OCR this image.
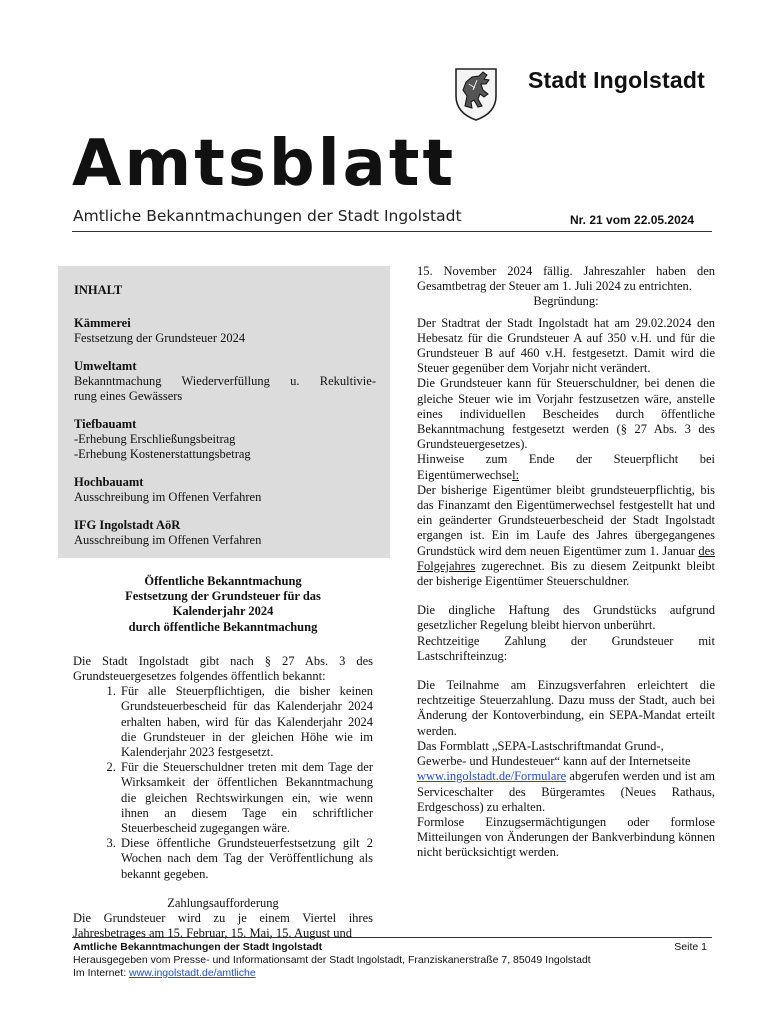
Stadt Ingolstadt
Amtsblatt
Amtliche Bekanntmachungen der Stadt Ingolstadt	Nr. 21 vom 22.05.2024
INHALT
Kämmerei
Festsetzung der Grundsteuer 2024
Umweltamt
Bekanntmachung Wiederverfüllung u. Rekultivie-
rung eines Gewässers
Tiefbauamt
-Erhebung Erschließungsbeitrag
-Erhebung Kostenerstattungsbetrag
Hochbauamt
Ausschreibung im Offenen Verfahren
IFG Ingolstadt AöR
Ausschreibung im Offenen Verfahren
Öffentliche Bekanntmachung
Festsetzung der Grundsteuer für das
Kalenderjahr 2024
durch öffentliche Bekanntmachung

Die Stadt Ingolstadt gibt nach § 27 Abs. 3 des Grundsteuergesetzes folgendes öffentlich bekannt:

1. Für alle Steuerpflichtigen, die bisher keinen Grundsteuerbescheid für das Kalenderjahr 2024 erhalten haben, wird für das Kalenderjahr 2024 die Grundsteuer in der gleichen Höhe wie im Kalenderjahr 2023 festgesetzt.
2. Für die Steuerschuldner treten mit dem Tage der Wirksamkeit der öffentlichen Bekanntmachung die gleichen Rechtswirkungen ein, wie wenn ihnen an diesem Tage ein schriftlicher Steuerbescheid zugegangen wäre.
3. Diese öffentliche Grundsteuerfestsetzung gilt 2 Wochen nach dem Tag der Veröffentlichung als bekannt gegeben.

Zahlungsaufforderung

Die Grundsteuer wird zu je einem Viertel ihres Jahresbetrages am 15. Februar, 15. Mai, 15. August und

15. November 2024 fällig. Jahreszahler haben den Gesamtbetrag der Steuer am 1. Juli 2024 zu entrichten.

Begründung:

Der Stadtrat der Stadt Ingolstadt hat am 29.02.2024 den Hebesatz für die Grundsteuer A auf 350 v.H. und für die Grundsteuer B auf 460 v.H. festgesetzt. Damit wird die Steuer gegenüber dem Vorjahr nicht verändert.

Die Grundsteuer kann für Steuerschuldner, bei denen die gleiche Steuer wie im Vorjahr festzusetzen wäre, anstelle eines individuellen Bescheides durch öffentliche Bekanntmachung festgesetzt werden (§ 27 Abs. 3 des Grundsteuergesetzes).

Hinweise zum Ende der Steuerpflicht bei Eigentümerwechsel:

Der bisherige Eigentümer bleibt grundsteuerpflichtig, bis das Finanzamt den Eigentümerwechsel festgestellt hat und ein geänderter Grundsteuerbescheid der Stadt Ingolstadt ergangen ist. Ein im Laufe des Jahres übergegangenes Grundstück wird dem neuen Eigentümer zum 1. Januar des Folgejahres zugerechnet. Bis zu diesem Zeitpunkt bleibt der bisherige Eigentümer Steuerschuldner.

Die dingliche Haftung des Grundstücks aufgrund gesetzlicher Regelung bleibt hiervon unberührt.

Rechtzeitige Zahlung der Grundsteuer mit Lastschrifteinzug:

Die Teilnahme am Einzugsverfahren erleichtert die rechtzeitige Steuerzahlung. Dazu muss der Stadt, auch bei Änderung der Kontoverbindung, ein SEPA-Mandat erteilt werden.

Das Formblatt „SEPA-Lastschriftmandat Grund-, Gewerbe- und Hundesteuer“ kann auf der Internetseite

www.ingolstadt.de/Formulare abgerufen werden und ist am Serviceschalter des Bürgeramtes (Neues Rathaus, Erdgeschoss) zu erhalten.

Formlose Einzugsermächtigungen oder formlose Mitteilungen von Änderungen der Bankverbindung können nicht berücksichtigt werden.

Amtliche Bekanntmachungen der Stadt Ingolstadt
Herausgegeben vom Presse- und Informationsamt der Stadt Ingolstadt, Franziskanerstraße 7, 85049 Ingolstadt
Im Internet: www.ingolstadt.de/amtliche
Seite 1
